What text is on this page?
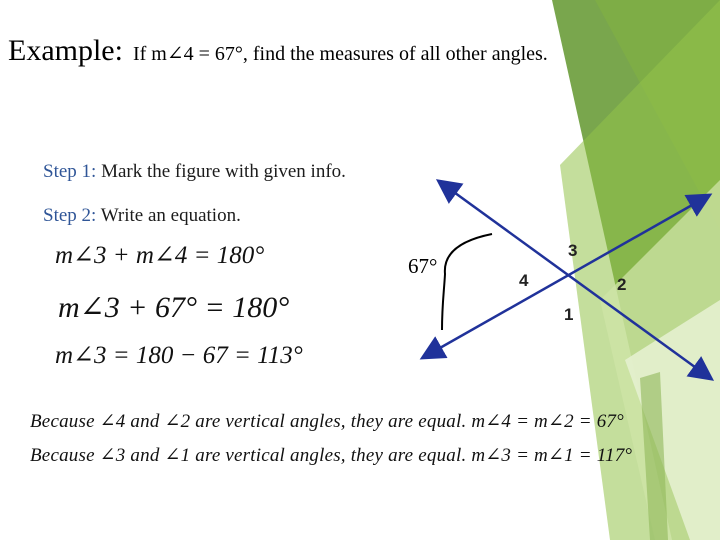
Example: If m∠4 = 67°, find the measures of all other angles.
Step 1: Mark the figure with given info.
Step 2: Write an equation.
m∠3 + m∠4 = 180°
m∠3 + 67° = 180°
m∠3 = 180 − 67 = 113°
67°
3
4	2
1
Because ∠4 and ∠2 are vertical angles, they are equal. m∠4 = m∠2 = 67°
Because ∠3 and ∠1 are vertical angles, they are equal. m∠3 = m∠1 = 117°
